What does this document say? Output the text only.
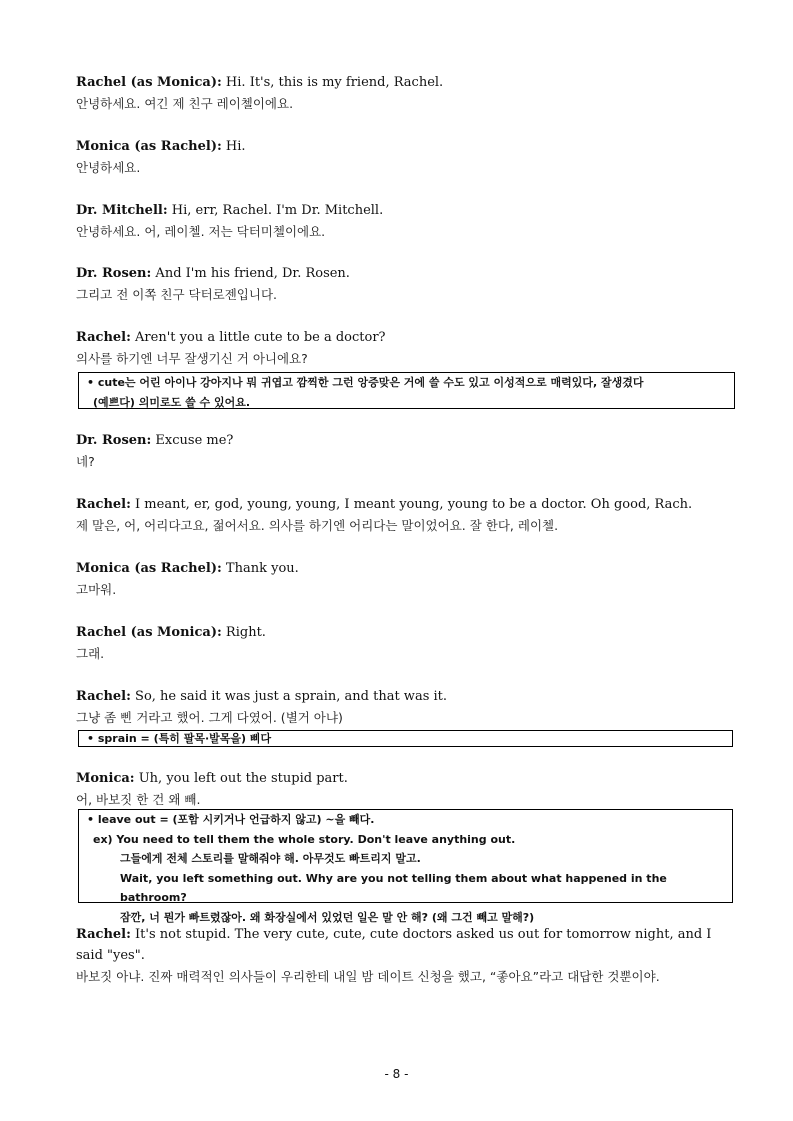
Rachel (as Monica): Hi. It's, this is my friend, Rachel.
안녕하세요. 여긴 제 친구 레이첼이에요.
Monica (as Rachel): Hi.
안녕하세요.
Dr. Mitchell: Hi, err, Rachel. I'm Dr. Mitchell.
안녕하세요. 어, 레이첼. 저는 닥터미첼이에요.
Dr. Rosen: And I'm his friend, Dr. Rosen.
그리고 전 이쪽 친구 닥터로젠입니다.
Rachel: Aren't you a little cute to be a doctor?
의사를 하기엔 너무 잘생기신 거 아니에요?
• cute는 어린 아이나 강아지나 뭐 귀엽고 깜찍한 그런 앙증맞은 거에 쓸 수도 있고 이성적으로 매력있다, 잘생겼다
(예쁘다) 의미로도 쓸 수 있어요.
Dr. Rosen: Excuse me?
네?
Rachel: I meant, er, god, young, young, I meant young, young to be a doctor. Oh good, Rach.
제 말은, 어, 어리다고요, 젊어서요. 의사를 하기엔 어리다는 말이었어요. 잘 한다, 레이첼.
Monica (as Rachel): Thank you.
고마워.
Rachel (as Monica): Right.
그래.
Rachel: So, he said it was just a sprain, and that was it.
그냥 좀 삔 거라고 했어. 그게 다였어. (별거 아냐)
• sprain = (특히 팔목·발목을) 삐다
Monica: Uh, you left out the stupid part.
어, 바보짓 한 건 왜 빼.
• leave out = (포함 시키거나 언급하지 않고) ~을 빼다.
ex) You need to tell them the whole story. Don't leave anything out.
그들에게 전체 스토리를 말해줘야 해. 아무것도 빠트리지 말고.
Wait, you left something out. Why are you not telling them about what happened in the bathroom?
잠깐, 너 뭔가 빠트렸잖아. 왜 화장실에서 있었던 일은 말 안 해? (왜 그건 빼고 말해?)
Rachel: It's not stupid. The very cute, cute, cute doctors asked us out for tomorrow night, and I said "yes".
바보짓 아냐. 진짜 매력적인 의사들이 우리한테 내일 밤 데이트 신청을 했고, “좋아요”라고 대답한 것뿐이야.
- 8 -
